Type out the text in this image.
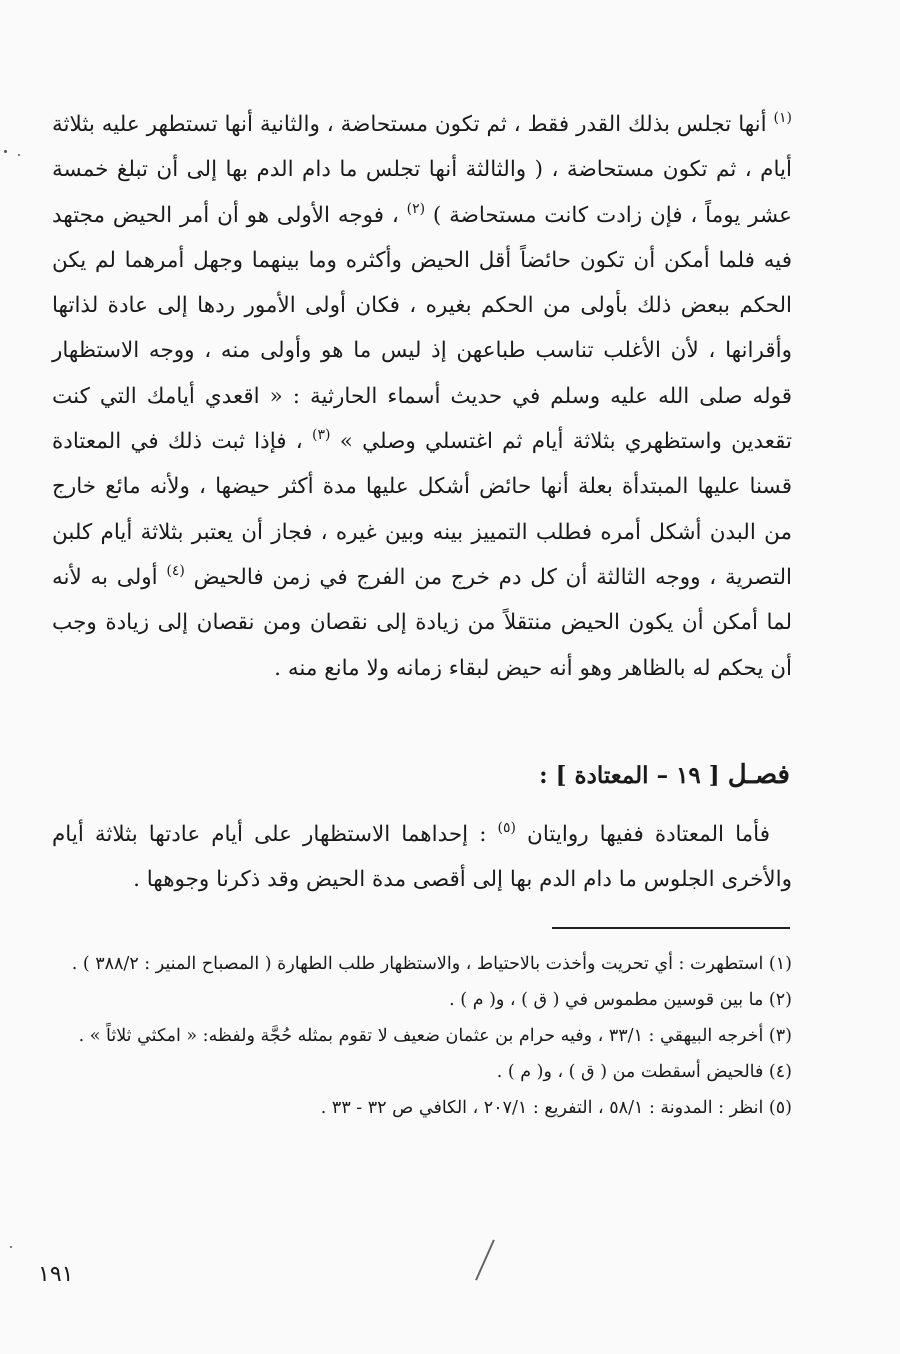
$^{(١)}$ أنها تجلس بذلك القدر فقط ، ثم تكون مستحاضة ، والثانية أنها تستطهر عليه بثلاثة أيام ، ثم تكون مستحاضة ، ( والثالثة أنها تجلس ما دام الدم بها إلى أن تبلغ خمسة عشر يوماً ، فإن زادت كانت مستحاضة ) $^{(٢)}$ ، فوجه الأولى هو أن أمر الحيض مجتهد فيه فلما أمكن أن تكون حائضاً أقل الحيض وأكثره وما بينهما وجهل أمرهما لم يكن الحكم ببعض ذلك بأولى من الحكم بغيره ، فكان أولى الأمور ردها إلى عادة لذاتها وأقرانها ، لأن الأغلب تناسب طباعهن إذ ليس ما هو وأولى منه ، ووجه الاستظهار قوله صلى الله عليه وسلم في حديث أسماء الحارثية : « اقعدي أيامك التي كنت تقعدين واستظهري بثلاثة أيام ثم اغتسلي وصلي » $^{(٣)}$ ، فإذا ثبت ذلك في المعتادة قسنا عليها المبتدأة بعلة أنها حائض أشكل عليها مدة أكثر حيضها ، ولأنه مائع خارج من البدن أشكل أمره فطلب التمييز بينه وبين غيره ، فجاز أن يعتبر بثلاثة أيام كلبن التصرية ، ووجه الثالثة أن كل دم خرج من الفرج في زمن فالحيض $^{(٤)}$ أولى به لأنه لما أمكن أن يكون الحيض منتقلاً من زيادة إلى نقصان ومن نقصان إلى زيادة وجب أن يحكم له بالظاهر وهو أنه حيض لبقاء زمانه ولا مانع منه .

فصـل [ ١٩ – المعتادة ] :

فأما المعتادة ففيها روايتان $^{(٥)}$ : إحداهما الاستظهار على أيام عادتها بثلاثة أيام والأخرى الجلوس ما دام الدم بها إلى أقصى مدة الحيض وقد ذكرنا وجوهها .

(١) استطهرت : أي تحريت وأخذت بالاحتياط ، والاستظهار طلب الطهارة ( المصباح المنير : ٣٨٨/٢ ) .

(٢) ما بين قوسين مطموس في ( ق ) ، و( م ) .

(٣) أخرجه البيهقي : ٣٣/١ ، وفيه حرام بن عثمان ضعيف لا تقوم بمثله حُجَّة ولفظه: « امكثي ثلاثاً » .

(٤) فالحيض أسقطت من ( ق ) ، و( م ) .

(٥) انظر : المدونة : ٥٨/١ ، التفريع : ٢٠٧/١ ، الكافي ص ٣٢ - ٣٣ .

١٩١
